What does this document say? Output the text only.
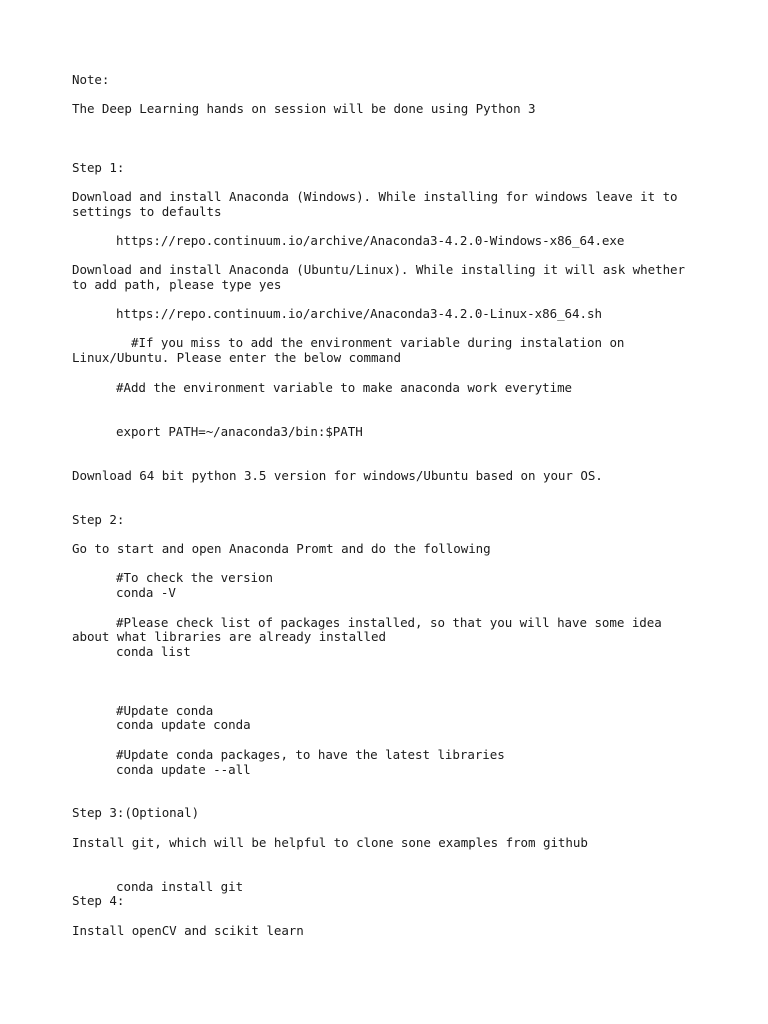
Note:
The Deep Learning hands on session will be done using Python 3
Step 1:
Download and install Anaconda (Windows). While installing for windows leave it to
settings to defaults
https://repo.continuum.io/archive/Anaconda3-4.2.0-Windows-x86_64.exe
Download and install Anaconda (Ubuntu/Linux). While installing it will ask whether
to add path, please type yes
https://repo.continuum.io/archive/Anaconda3-4.2.0-Linux-x86_64.sh
#If you miss to add the environment variable during instalation on
Linux/Ubuntu. Please enter the below command
#Add the environment variable to make anaconda work everytime
export PATH=~/anaconda3/bin:$PATH
Download 64 bit python 3.5 version for windows/Ubuntu based on your OS.
Step 2:
Go to start and open Anaconda Promt and do the following
#To check the version
conda -V
#Please check list of packages installed, so that you will have some idea
about what libraries are already installed
conda list
#Update conda
conda update conda
#Update conda packages, to have the latest libraries
conda update --all
Step 3:(Optional)
Install git, which will be helpful to clone sone examples from github
conda install git
Step 4:
Install openCV and scikit learn
